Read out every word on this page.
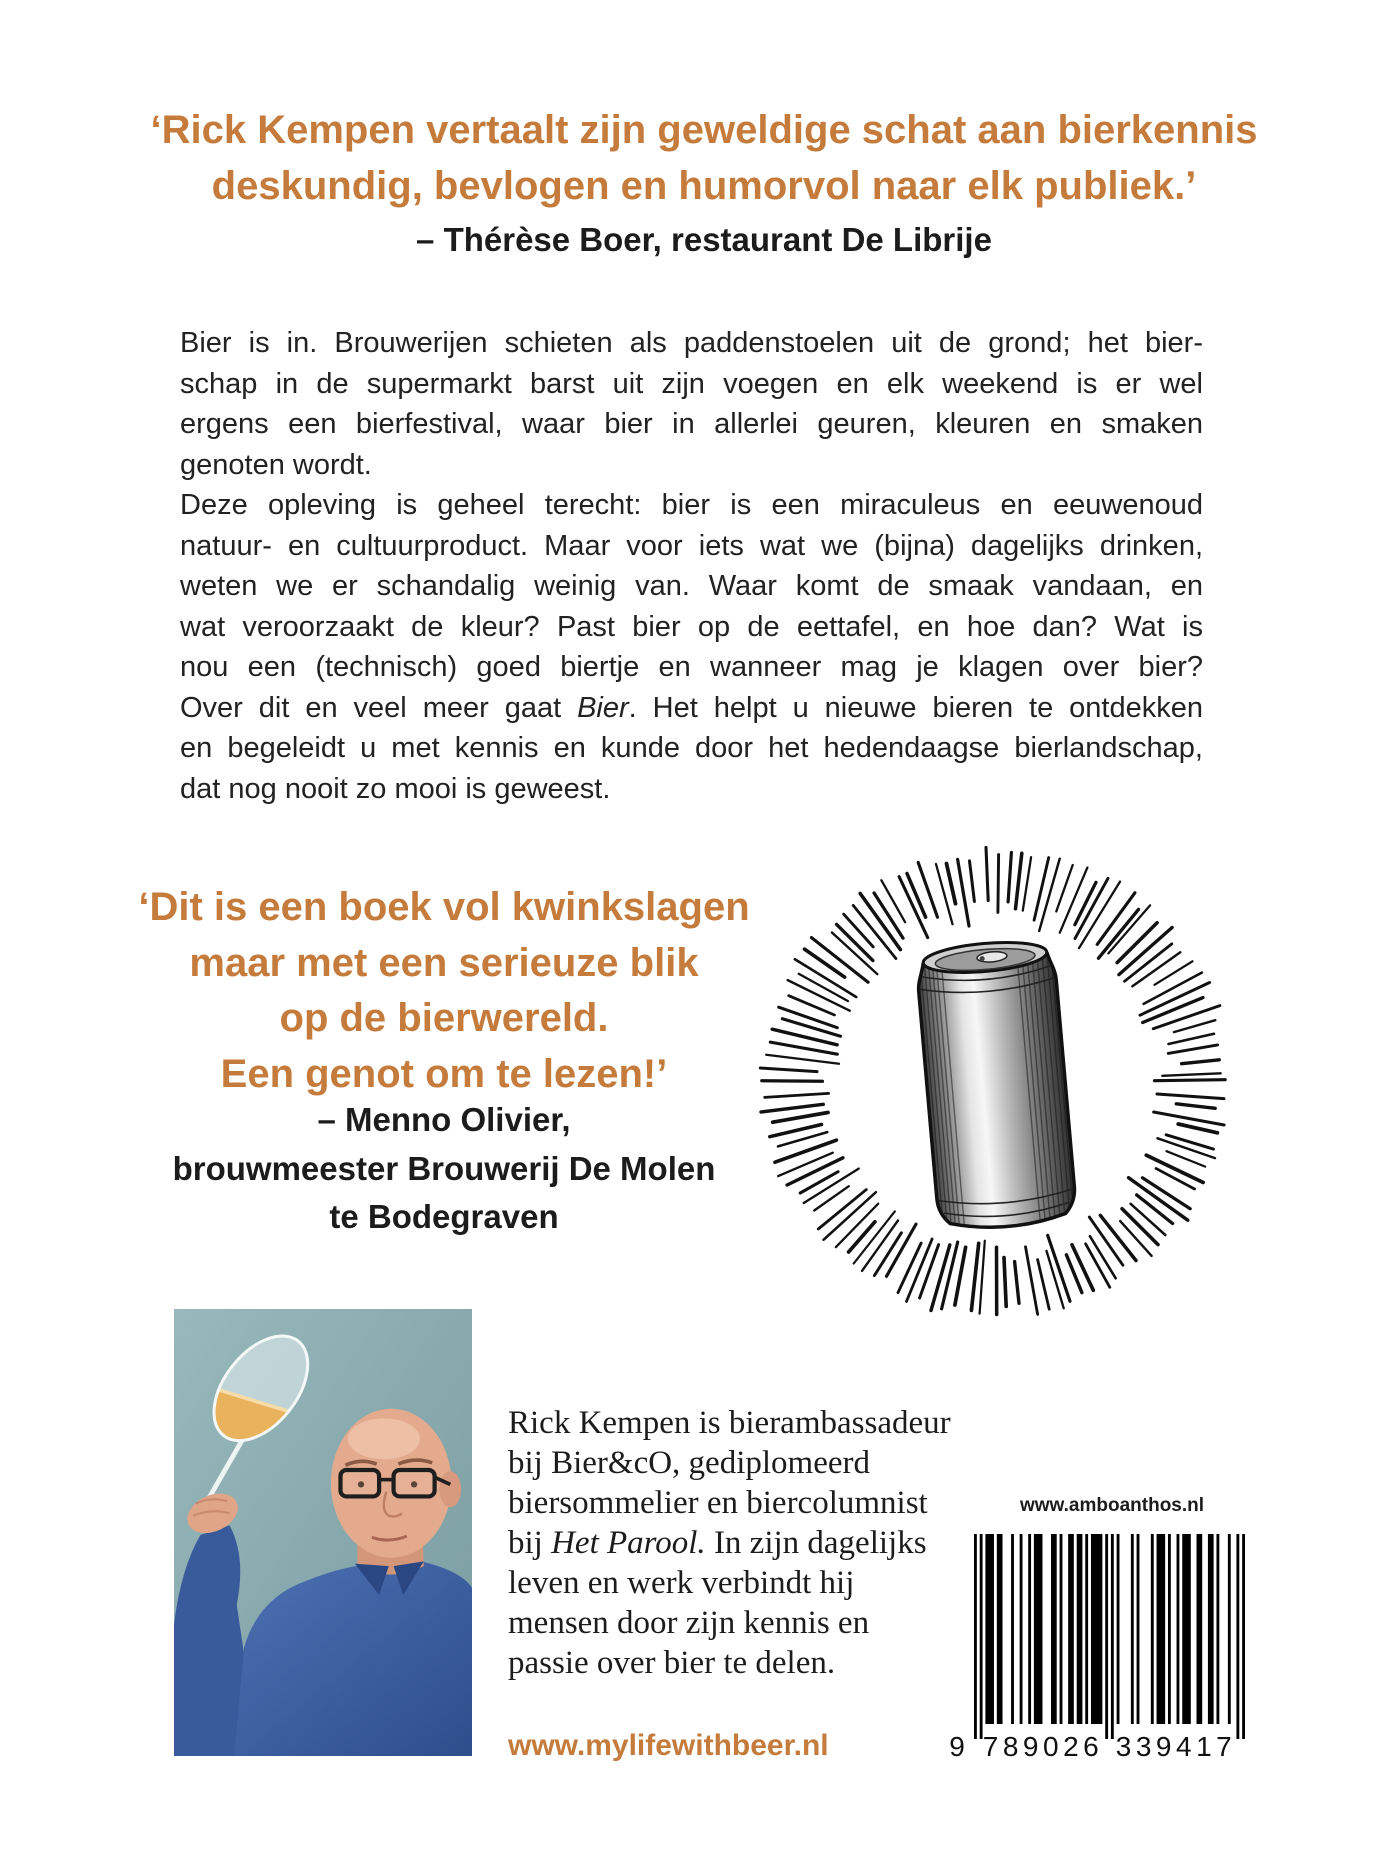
‘Rick Kempen vertaalt zijn geweldige schat aan bierkennis
deskundig, bevlogen en humorvol naar elk publiek.’
– Thérèse Boer, restaurant De Librije
Bier is in. Brouwerijen schieten als paddenstoelen uit de grond; het bier-
schap in de supermarkt barst uit zijn voegen en elk weekend is er wel
ergens een bierfestival, waar bier in allerlei geuren, kleuren en smaken
genoten wordt.
Deze opleving is geheel terecht: bier is een miraculeus en eeuwenoud
natuur- en cultuurproduct. Maar voor iets wat we (bijna) dagelijks drinken,
weten we er schandalig weinig van. Waar komt de smaak vandaan, en
wat veroorzaakt de kleur? Past bier op de eettafel, en hoe dan? Wat is
nou een (technisch) goed biertje en wanneer mag je klagen over bier?
Over dit en veel meer gaat Bier. Het helpt u nieuwe bieren te ontdekken
en begeleidt u met kennis en kunde door het hedendaagse bierlandschap,
dat nog nooit zo mooi is geweest.
‘Dit is een boek vol kwinkslagen
maar met een serieuze blik
op de bierwereld.
Een genot om te lezen!’
– Menno Olivier,
brouwmeester Brouwerij De Molen
te Bodegraven
Rick Kempen is bierambassadeur
bij Bier&cO, gediplomeerd
biersommelier en biercolumnist
bij Het Parool. In zijn dagelijks
leven en werk verbindt hij
mensen door zijn kennis en
passie over bier te delen.
www.mylifewithbeer.nl
www.amboanthos.nl
9 789026 339417
